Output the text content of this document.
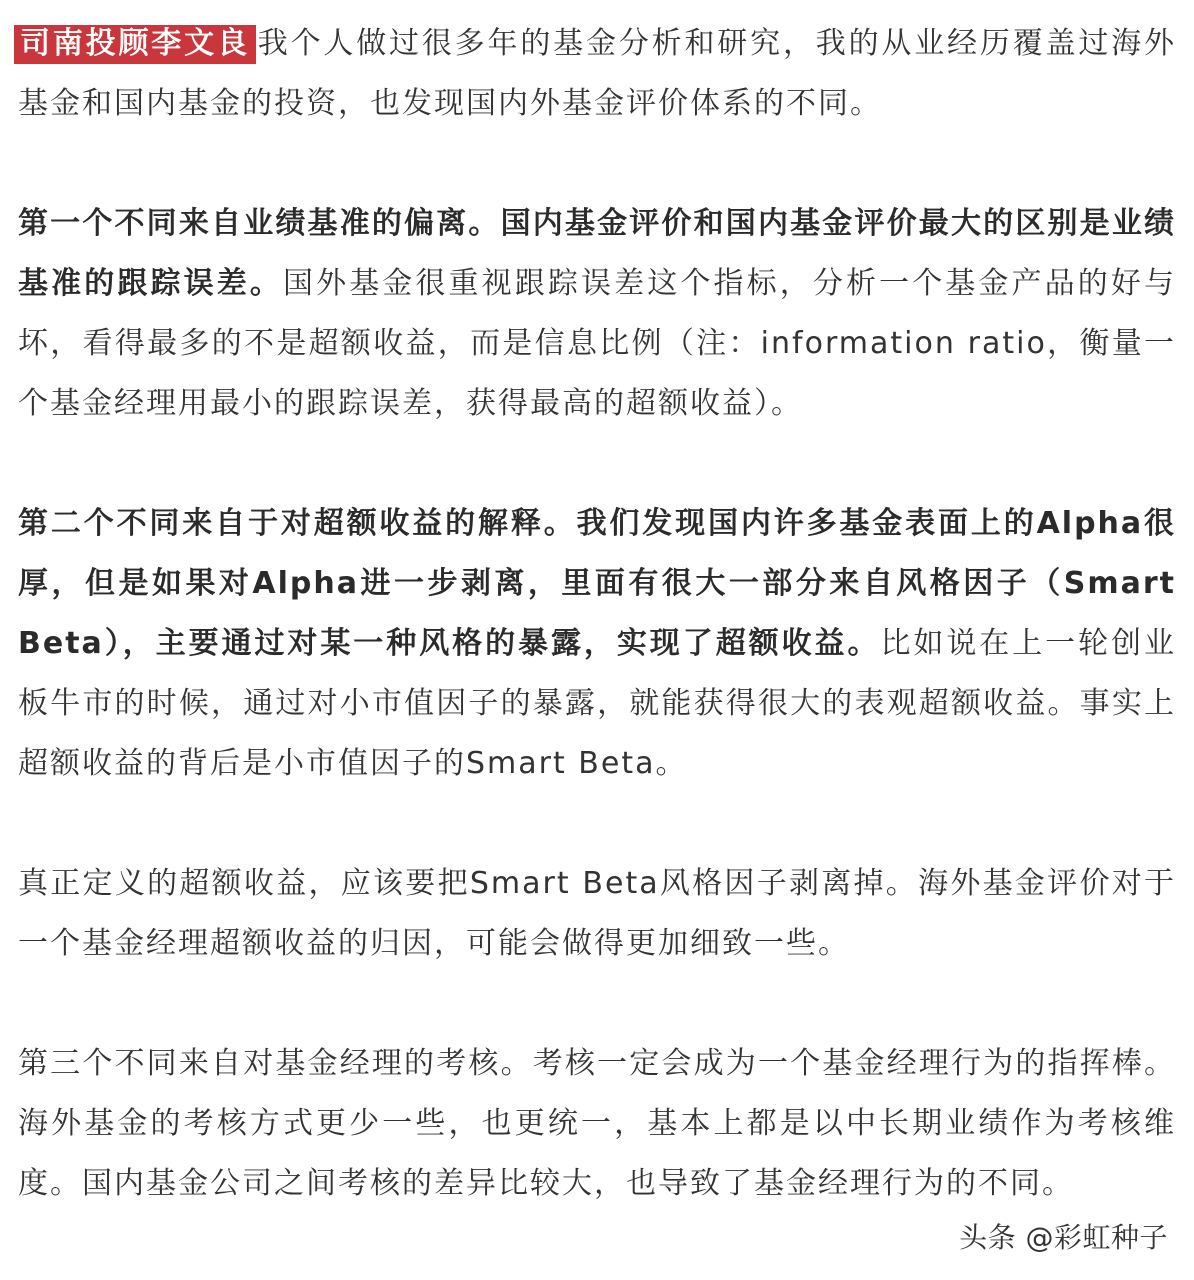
司南投顾李文良 我个人做过很多年的基金分析和研究，我的从业经历覆盖过海外基金和国内基金的投资，也发现国内外基金评价体系的不同。

第一个不同来自业绩基准的偏离。国内基金评价和国内基金评价最大的区别是业绩基准的跟踪误差。国外基金很重视跟踪误差这个指标，分析一个基金产品的好与坏，看得最多的不是超额收益，而是信息比例（注：information ratio，衡量一个基金经理用最小的跟踪误差，获得最高的超额收益）。

第二个不同来自于对超额收益的解释。我们发现国内许多基金表面上的Alpha很厚，但是如果对Alpha进一步剥离，里面有很大一部分来自风格因子（Smart Beta），主要通过对某一种风格的暴露，实现了超额收益。比如说在上一轮创业板牛市的时候，通过对小市值因子的暴露，就能获得很大的表观超额收益。事实上超额收益的背后是小市值因子的Smart Beta。

真正定义的超额收益，应该要把Smart Beta风格因子剥离掉。海外基金评价对于一个基金经理超额收益的归因，可能会做得更加细致一些。

第三个不同来自对基金经理的考核。考核一定会成为一个基金经理行为的指挥棒。海外基金的考核方式更少一些，也更统一，基本上都是以中长期业绩作为考核维度。国内基金公司之间考核的差异比较大，也导致了基金经理行为的不同。

头条 @彩虹种子
